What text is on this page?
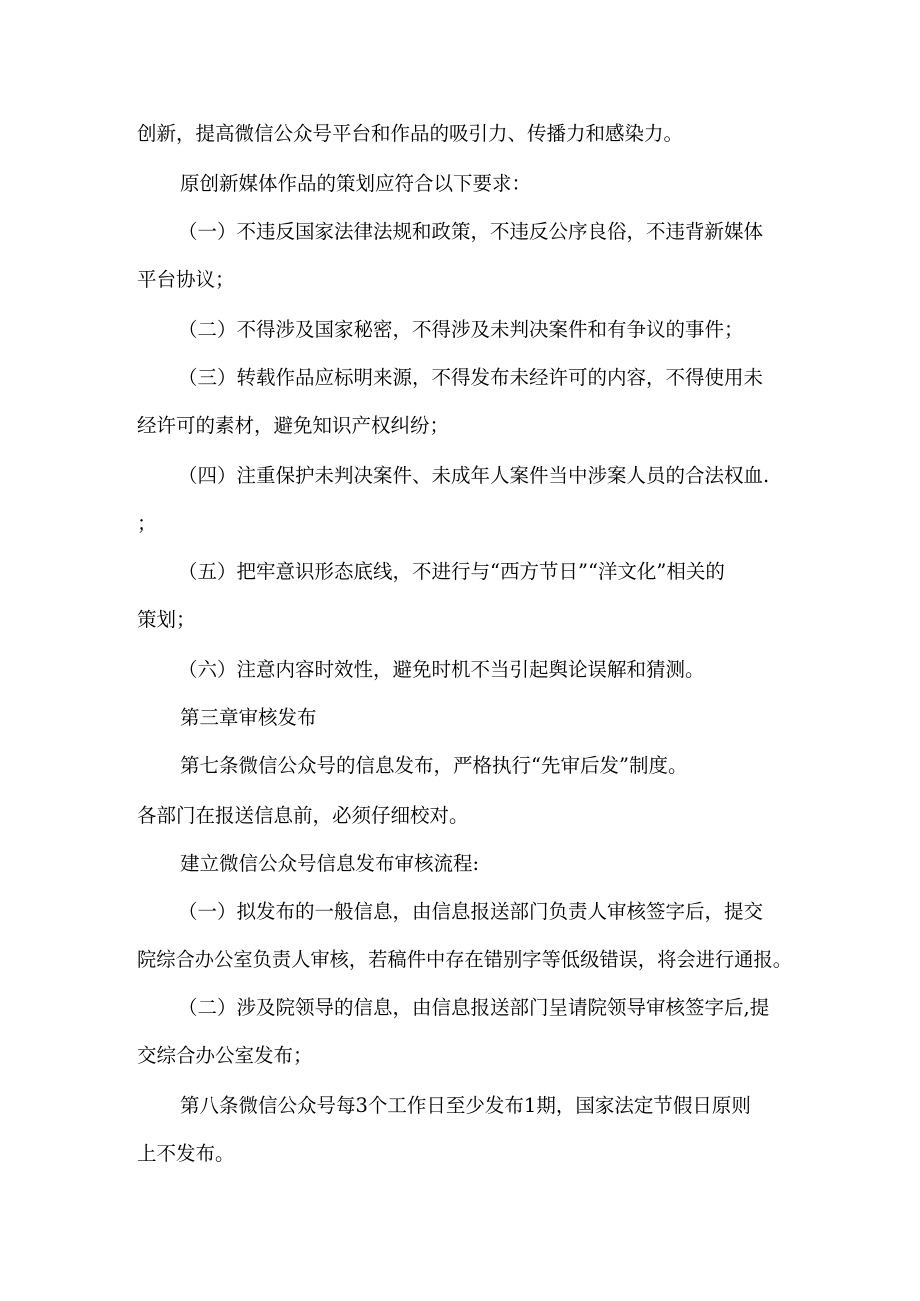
创新，提高微信公众号平台和作品的吸引力、传播力和感染力。

原创新媒体作品的策划应符合以下要求：

（一）不违反国家法律法规和政策，不违反公序良俗，不违背新媒体

平台协议；

（二）不得涉及国家秘密，不得涉及未判决案件和有争议的事件；

（三）转载作品应标明来源，不得发布未经许可的内容，不得使用未

经许可的素材，避免知识产权纠纷；

（四）注重保护未判决案件、未成年人案件当中涉案人员的合法权血.

；

（五）把牢意识形态底线，不进行与“西方节日”“洋文化”相关的

策划；

（六）注意内容时效性，避免时机不当引起舆论误解和猜测。

第三章审核发布

第七条微信公众号的信息发布，严格执行“先审后发”制度。

各部门在报送信息前，必须仔细校对。

建立微信公众号信息发布审核流程:

（一）拟发布的一般信息，由信息报送部门负责人审核签字后，提交

院综合办公室负责人审核，若稿件中存在错别字等低级错误，将会进行通报。

（二）涉及院领导的信息，由信息报送部门呈请院领导审核签字后,提

交综合办公室发布；

第八条微信公众号每3个工作日至少发布1期，国家法定节假日原则

上不发布。
